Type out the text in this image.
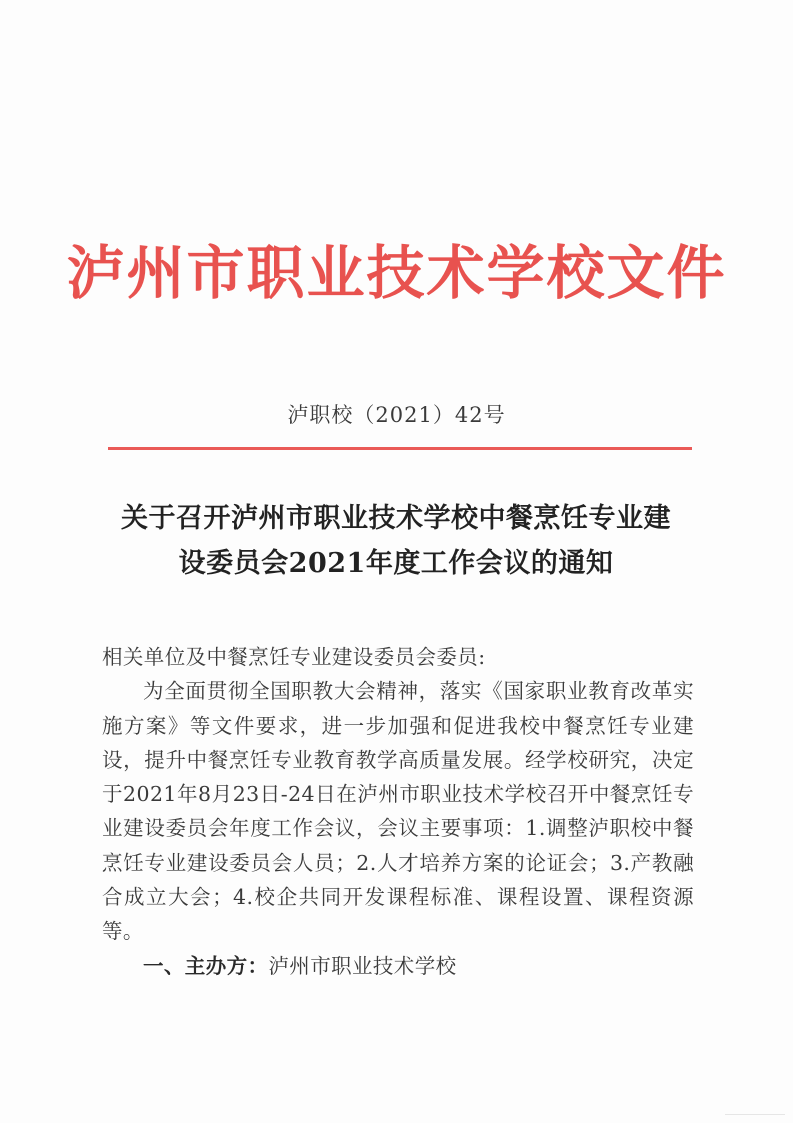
泸州市职业技术学校文件
泸职校（2021）42号
关于召开泸州市职业技术学校中餐烹饪专业建
设委员会2021年度工作会议的通知

相关单位及中餐烹饪专业建设委员会委员:

为全面贯彻全国职教大会精神，落实《国家职业教育改革实施方案》等文件要求，进一步加强和促进我校中餐烹饪专业建设，提升中餐烹饪专业教育教学高质量发展。经学校研究，决定于2021年8月23日-24日在泸州市职业技术学校召开中餐烹饪专业建设委员会年度工作会议，会议主要事项：1.调整泸职校中餐烹饪专业建设委员会人员；2.人才培养方案的论证会；3.产教融合成立大会；4.校企共同开发课程标准、课程设置、课程资源等。

一、主办方：泸州市职业技术学校
